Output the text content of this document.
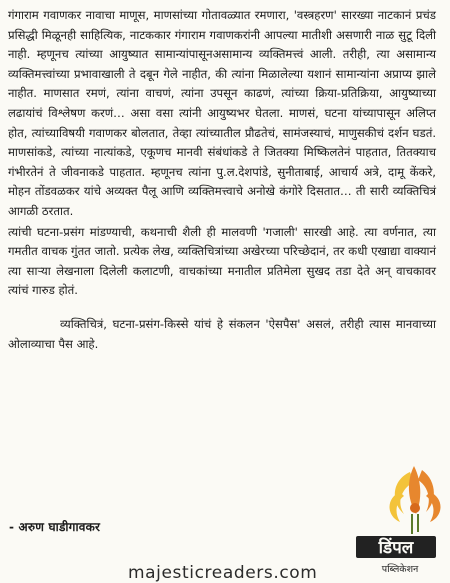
गंगाराम गवाणकर नावाचा माणूस, माणसांच्या गोतावळ्यात रमणारा, 'वस्त्रहरण' सारख्या नाटकानं प्रचंड प्रसिद्धी मिळूनही साहित्यिक, नाटककार गंगाराम गवाणकरांनी आपल्या मातीशी असणारी नाळ सुटू दिली नाही. म्हणूनच त्यांच्या आयुष्यात सामान्यांपासूनअसामान्य व्यक्तिमत्त्वं आली. तरीही, त्या असामान्य व्यक्तिमत्त्वांच्या प्रभावाखाली ते दबून गेले नाहीत, की त्यांना मिळालेल्या यशानं सामान्यांना अप्राप्य झाले नाहीत. माणसात रमणं, त्यांना वाचणं, त्यांना उपसून काढणं, त्यांच्या क्रिया-प्रतिक्रिया, आयुष्याच्या लढायांचं विश्लेषण करणं… असा वसा त्यांनी आयुष्यभर घेतला. माणसं, घटना यांच्यापासून अलिप्त होत, त्यांच्याविषयी गवाणकर बोलतात, तेव्हा त्यांच्यातील प्रौढतेचं, सामंजस्याचं, माणुसकीचं दर्शन घडतं. माणसांकडे, त्यांच्या नात्यांकडे, एकूणच मानवी संबंधांकडे ते जितक्या मिष्किलतेनं पाहतात, तितक्याच गंभीरतेनं ते जीवनाकडे पाहतात. म्हणूनच त्यांना पु.ल.देशपांडे, सुनीताबाई, आचार्य अत्रे, दामू केंकरे, मोहन तोंडवळकर यांचे अव्यक्त पैलू आणि व्यक्तिमत्त्वाचे अनोखे कंगोरे दिसतात… ती सारी व्यक्तिचित्रं आगळी ठरतात.

त्यांची घटना-प्रसंग मांडण्याची, कथनाची शैली ही मालवणी 'गजाली' सारखी आहे. त्या वर्णनात, त्या गमतीत वाचक गुंतत जातो. प्रत्येक लेख, व्यक्तिचित्रांच्या अखेरच्या परिच्छेदानं, तर कधी एखाद्या वाक्यानं त्या साऱ्या लेखनाला दिलेली कलाटणी, वाचकांच्या मनातील प्रतिमेला सुखद तडा देते अन् वाचकावर त्यांचं गारुड होतं.

व्यक्तिचित्रं, घटना-प्रसंग-किस्से यांचं हे संकलन 'ऐसपैस' असलं, तरीही त्यास मानवाच्या ओलाव्याचा पैस आहे.

- अरुण घाडीगावकर
डिंपल
पब्लिकेशन
majesticreaders.com
